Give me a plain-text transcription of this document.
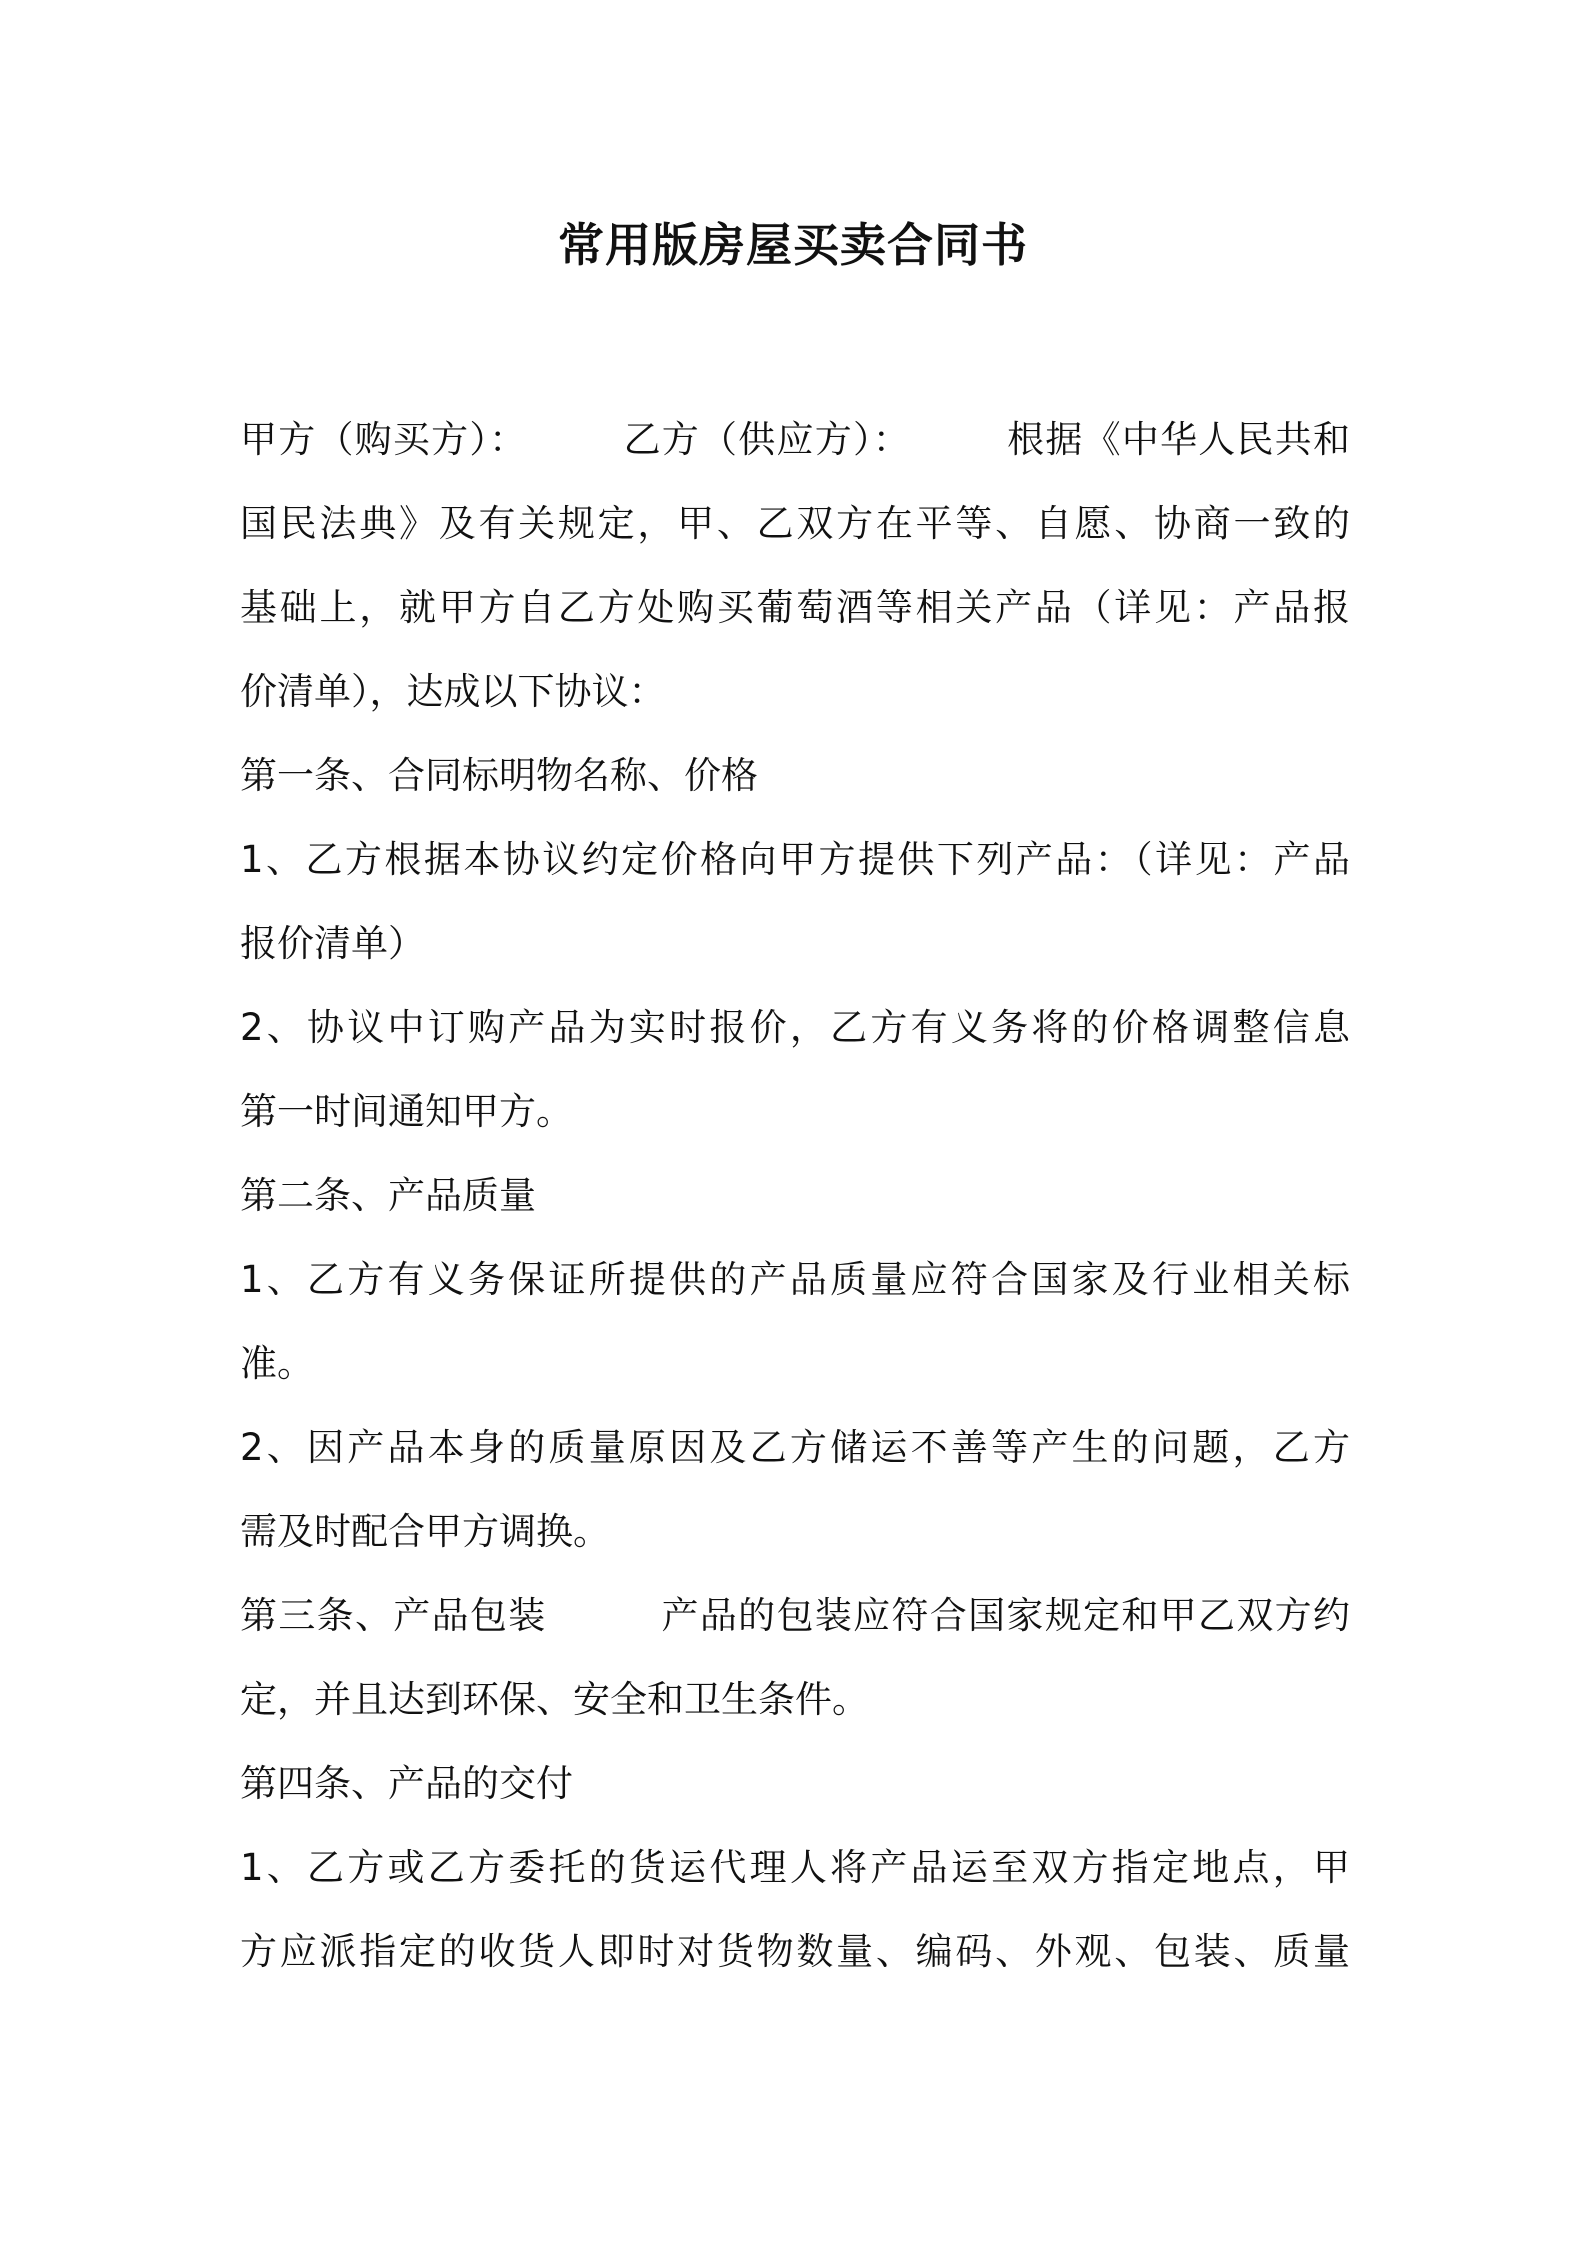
常用版房屋买卖合同书
甲方（购买方）：　　　乙方（供应方）：　　　根据《中华人民共和
国民法典》及有关规定，甲、乙双方在平等、自愿、协商一致的
基础上，就甲方自乙方处购买葡萄酒等相关产品（详见：产品报
价清单），达成以下协议：
第一条、合同标明物名称、价格
1、乙方根据本协议约定价格向甲方提供下列产品：（详见：产品
报价清单）
2、协议中订购产品为实时报价，乙方有义务将的价格调整信息
第一时间通知甲方。
第二条、产品质量
1、乙方有义务保证所提供的产品质量应符合国家及行业相关标
准。
2、因产品本身的质量原因及乙方储运不善等产生的问题，乙方
需及时配合甲方调换。
第三条、产品包装　　　产品的包装应符合国家规定和甲乙双方约
定，并且达到环保、安全和卫生条件。
第四条、产品的交付
1、乙方或乙方委托的货运代理人将产品运至双方指定地点，甲
方应派指定的收货人即时对货物数量、编码、外观、包装、质量
